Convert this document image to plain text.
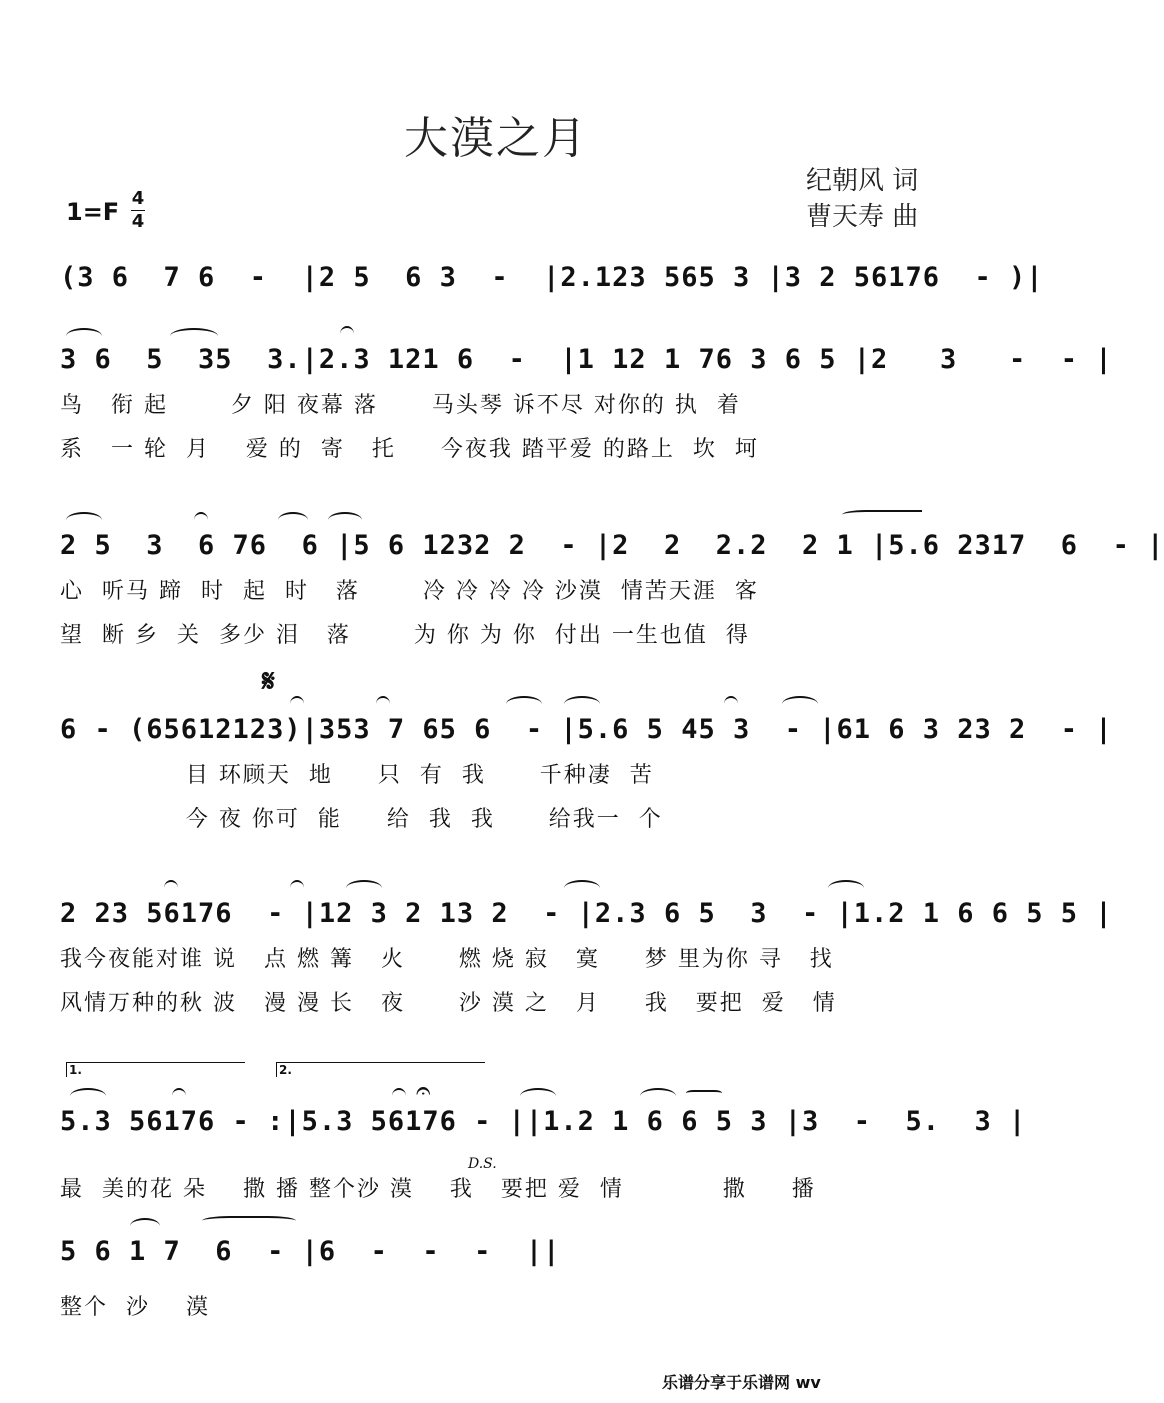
大漠之月
纪朝风 词
曹天寿 曲
1=F 4
4
(3 6  7 6  -  |2 5  6 3  -  |2.123 565 3 |3 2 56176  - )|
3 6  5  35  3.|2.3 121 6  -  |1 12 1 76 3 6 5 |2   3   -  - |
鸟   衔 起       夕 阳 夜幕 落      马头琴 诉不尽 对你的 执  着
系   一 轮  月    爱 的  寄   托     今夜我 踏平爱 的路上  坎  坷
2 5  3  6 76  6 |5 6 1232 2  - |2  2  2.2  2 1 |5.6 2317  6  - |
心  听马 蹄  时  起  时   落       冷 冷 冷 冷 沙漠  情苦天涯  客
望  断 乡  关  多少 泪   落       为 你 为 你  付出 一生也值  得
𝄋
6 - (65612123)|353 7 65 6  - |5.6 5 45 3  - |61 6 3 23 2  - |
目 环顾天  地     只  有  我      千种凄  苦
今 夜 你可  能     给  我  我      给我一  个
2 23 56176  - |12 3 2 13 2  - |2.3 6 5  3  - |1.2 1 6 6 5 5 |
我今夜能对谁 说   点 燃 篝   火      燃 烧 寂   寞     梦 里为你 寻   找
风情万种的秋 波   漫 漫 长   夜      沙 漠 之   月     我   要把  爱   情
1.	2.
𝄐
D.S.
5.3 56176 - :|5.3 56176 - ||1.2 1 6 6 5 3 |3  -  5.  3 |
最  美的花 朵    撒 播 整个沙 漠    我   要把 爱  情           撒     播
5 6 1 7  6  - |6  -  -  -  ||
整个  沙    漠
乐谱分享于乐谱网 wv
